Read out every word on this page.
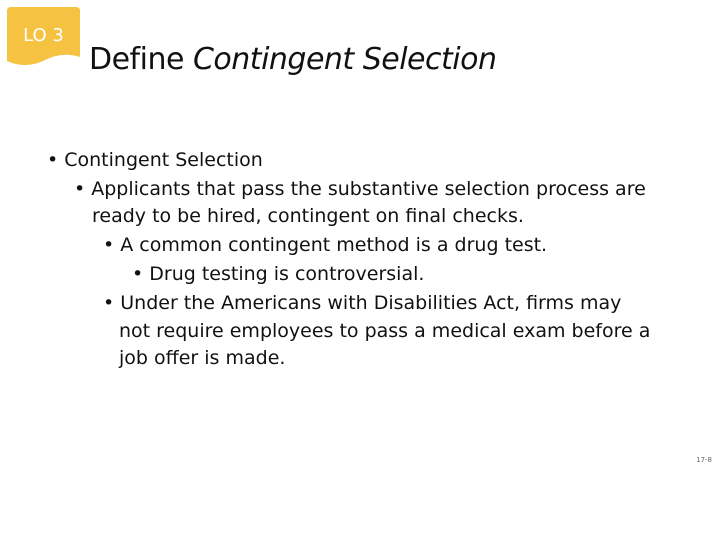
LO 3
Define Contingent Selection
• Contingent Selection
• Applicants that pass the substantive selection process are
ready to be hired, contingent on final checks.
• A common contingent method is a drug test.
• Drug testing is controversial.
• Under the Americans with Disabilities Act, firms may
not require employees to pass a medical exam before a
job offer is made.
17-8
